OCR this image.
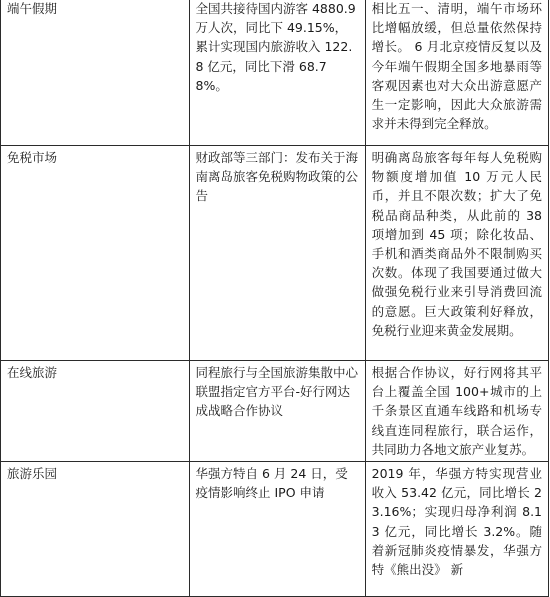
端午假期	全国共接待国内游客 4880.9 万人次，同比下 49.15%，累计实现国内旅游收入 122.8 亿元，同比下滑 68.78%。	相比五一、清明，端午市场环比增幅放缓，但总量依然保持增长。 6 月北京疫情反复以及今年端午假期全国多地暴雨等客观因素也对大众出游意愿产生一定影响，因此大众旅游需求并未得到完全释放。
免税市场	财政部等三部门：发布关于海南离岛旅客免税购物政策的公告	明确离岛旅客每年每人免税购物额度增加值 10 万元人民币，并且不限次数；扩大了免税品商品种类，从此前的 38 项增加到 45 项；除化妆品、手机和酒类商品外不限制购买次数。体现了我国要通过做大做强免税行业来引导消费回流的意愿。巨大政策利好释放，免税行业迎来黄金发展期。
在线旅游	同程旅行与全国旅游集散中心联盟指定官方平台-好行网达成战略合作协议	根据合作协议，好行网将其平台上覆盖全国 100+城市的上千条景区直通车线路和机场专线直连同程旅行，联合运作，共同助力各地文旅产业复苏。
旅游乐园	华强方特自 6 月 24 日，受疫情影响终止 IPO 申请	2019 年，华强方特实现营业收入 53.42 亿元，同比增长 23.16%；实现归母净利润 8.13 亿元，同比增长 3.2%。随着新冠肺炎疫情暴发，华强方特《熊出没》 新
